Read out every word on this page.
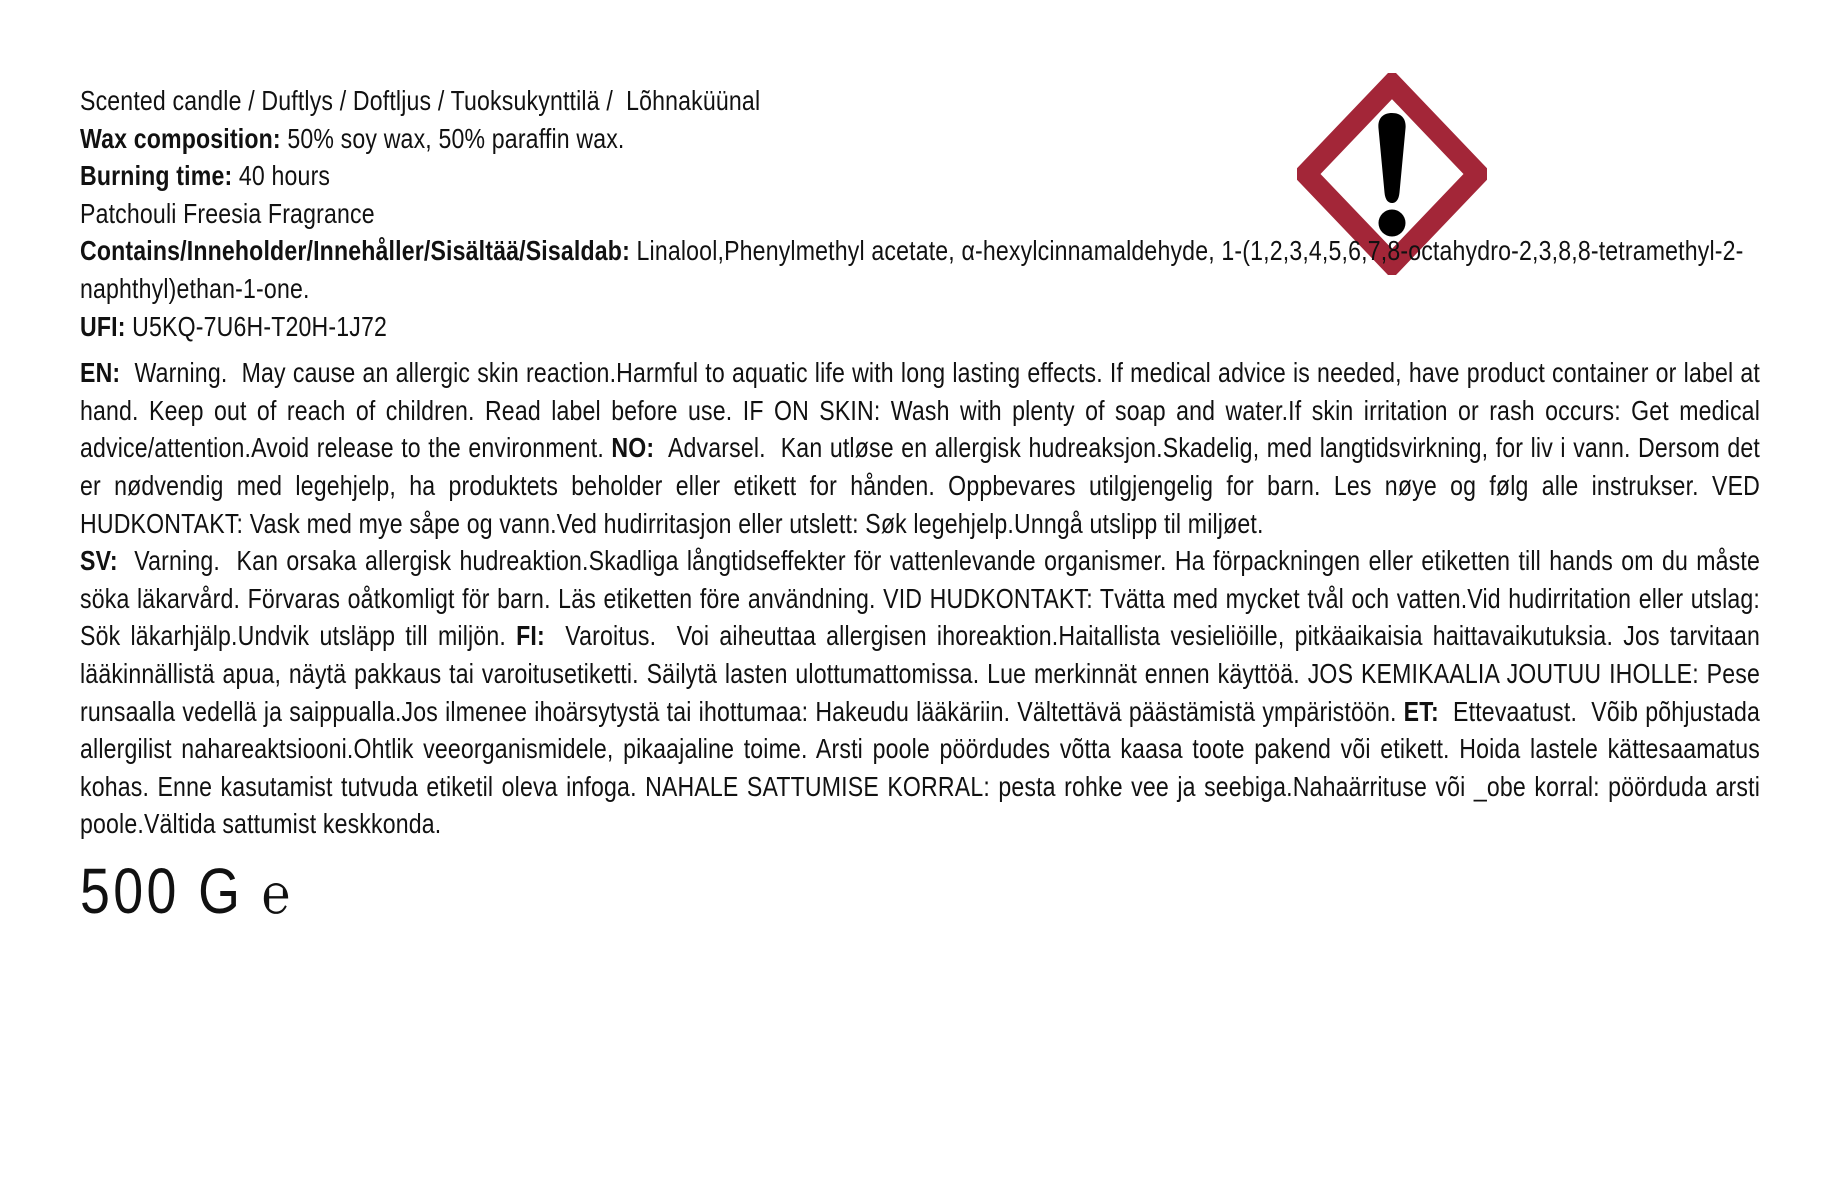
Scented candle / Duftlys / Doftljus / Tuoksukynttilä /  Lõhnaküünal

Wax composition: 50% soy wax, 50% paraffin wax.

Burning time: 40 hours

Patchouli Freesia Fragrance

Contains/Inneholder/Innehåller/Sisältää/Sisaldab: Linalool,Phenylmethyl acetate, α-hexylcinnamaldehyde, 1-(1,2,3,4,5,6,7,8-octahydro-2,3,8,8-tetramethyl-2-naphthyl)ethan-1-one.

UFI: U5KQ-7U6H-T20H-1J72

EN:  Warning.  May cause an allergic skin reaction.Harmful to aquatic life with long lasting effects. If medical advice is needed, have product container or label at hand. Keep out of reach of children. Read label before use. IF ON SKIN: Wash with plenty of soap and water.If skin irritation or rash occurs: Get medical advice/attention.Avoid release to the environment. NO:  Advarsel.  Kan utløse en allergisk hudreaksjon.Skadelig, med langtidsvirkning, for liv i vann. Dersom det er nødvendig med legehjelp, ha produktets beholder eller etikett for hånden. Oppbevares utilgjengelig for barn. Les nøye og følg alle instrukser. VED HUDKONTAKT: Vask med mye såpe og vann.Ved hudirritasjon eller utslett: Søk legehjelp.Unngå utslipp til miljøet.

SV:  Varning.  Kan orsaka allergisk hudreaktion.Skadliga långtidseffekter för vattenlevande organismer. Ha förpackningen eller etiketten till hands om du måste söka läkarvård. Förvaras oåtkomligt för barn. Läs etiketten före användning. VID HUDKONTAKT: Tvätta med mycket tvål och vatten.Vid hudirritation eller utslag: Sök läkarhjälp.Undvik utsläpp till miljön. FI:  Varoitus.  Voi aiheuttaa allergisen ihoreaktion.Haitallista vesieliöille, pitkäaikaisia haittavaikutuksia. Jos tarvitaan lääkinnällistä apua, näytä pakkaus tai varoitusetiketti. Säilytä lasten ulottumattomissa. Lue merkinnät ennen käyttöä. JOS KEMIKAALIA JOUTUU IHOLLE: Pese runsaalla vedellä ja saippualla.Jos ilmenee ihoärsytystä tai ihottumaa: Hakeudu lääkäriin. Vältettävä päästämistä ympäristöön. ET:  Ettevaatust.  Võib põhjustada allergilist nahareaktsiooni.Ohtlik veeorganismidele, pikaajaline toime. Arsti poole pöördudes võtta kaasa toote pakend või etikett. Hoida lastele kättesaamatus kohas. Enne kasutamist tutvuda etiketil oleva infoga. NAHALE SATTUMISE KORRAL: pesta rohke vee ja seebiga.Nahaärrituse või _obe korral: pöörduda arsti poole.Vältida sattumist keskkonda.

500 G ℮
